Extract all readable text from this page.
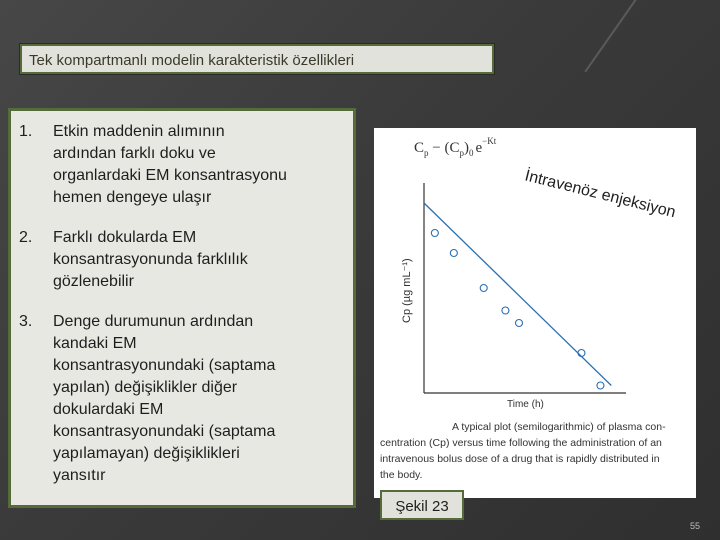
Tek kompartmanlı modelin karakteristik özellikleri
1. Etkin maddenin alımının
ardından farklı doku ve
organlardaki EM konsantrasyonu
hemen dengeye ulaşır
2. Farklı dokularda EM
konsantrasyonunda farklılık
gözlenebilir
3. Denge durumunun ardından
kandaki EM
konsantrasyonundaki (saptama
yapılan) değişiklikler diğer
dokulardaki EM
konsantrasyonundaki (saptama
yapılamayan) değişiklikleri
yansıtır
$C_p - (C_p)_0$ $e^{-Kt}$
Time (h)
Cp (µg mL⁻¹)
İntravenöz enjeksiyon
A typical plot (semilogarithmic) of plasma con-
centration (Cp) versus time following the administration of an
intravenous bolus dose of a drug that is rapidly distributed in
the body.
Şekil 23
55
